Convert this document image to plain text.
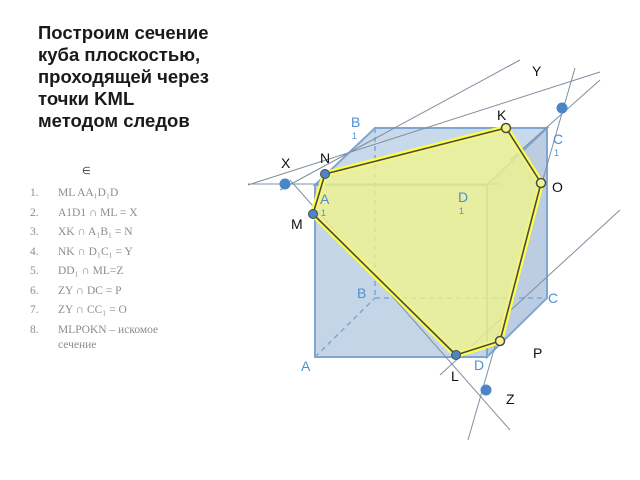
Построим сечение
куба плоскостью,
проходящей через
точки KML
методом следов
∈
1. ML AA₁D₁D
2. A1D1 ∩ ML = X
3. XK ∩ A₁B₁ = N
4. NK ∩ D₁C₁ = Y
5. DD₁ ∩ ML=Z
6. ZY ∩ DC = P
7. ZY ∩ CC₁ = O
8. MLPOKN – искомое
сечение
B
1	C
1
A
1
D
1
B	C
A	D
Y
K
N
X
O
M
P
L
Z
